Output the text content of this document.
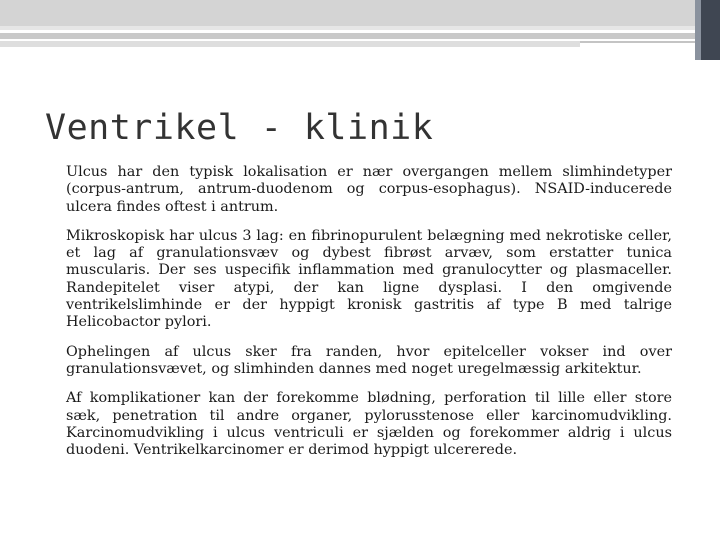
Ventrikel - klinik

Ulcus har den typisk lokalisation er nær overgangen mellem slimhindetyper (corpus-antrum, antrum-duodenom og corpus-esophagus). NSAID-inducerede ulcera findes oftest i antrum.

Mikroskopisk har ulcus 3 lag: en fibrinopurulent belægning med nekrotiske celler, et lag af granulationsvæv og dybest fibrøst arvæv, som erstatter tunica muscularis. Der ses uspecifik inflammation med granulocytter og plasmaceller. Randepitelet viser atypi, der kan ligne dysplasi. I den omgivende ventrikelslimhinde er der hyppigt kronisk gastritis af type B med talrige Helicobactor pylori.

Ophelingen af ulcus sker fra randen, hvor epitelceller vokser ind over granulationsvævet, og slimhinden dannes med noget uregelmæssig arkitektur.

Af komplikationer kan der forekomme blødning, perforation til lille eller store sæk, penetration til andre organer, pylorusstenose eller karcinomudvikling. Karcinomudvikling i ulcus ventriculi er sjælden og forekommer aldrig i ulcus duodeni. Ventrikelkarcinomer er derimod hyppigt ulcererede.
